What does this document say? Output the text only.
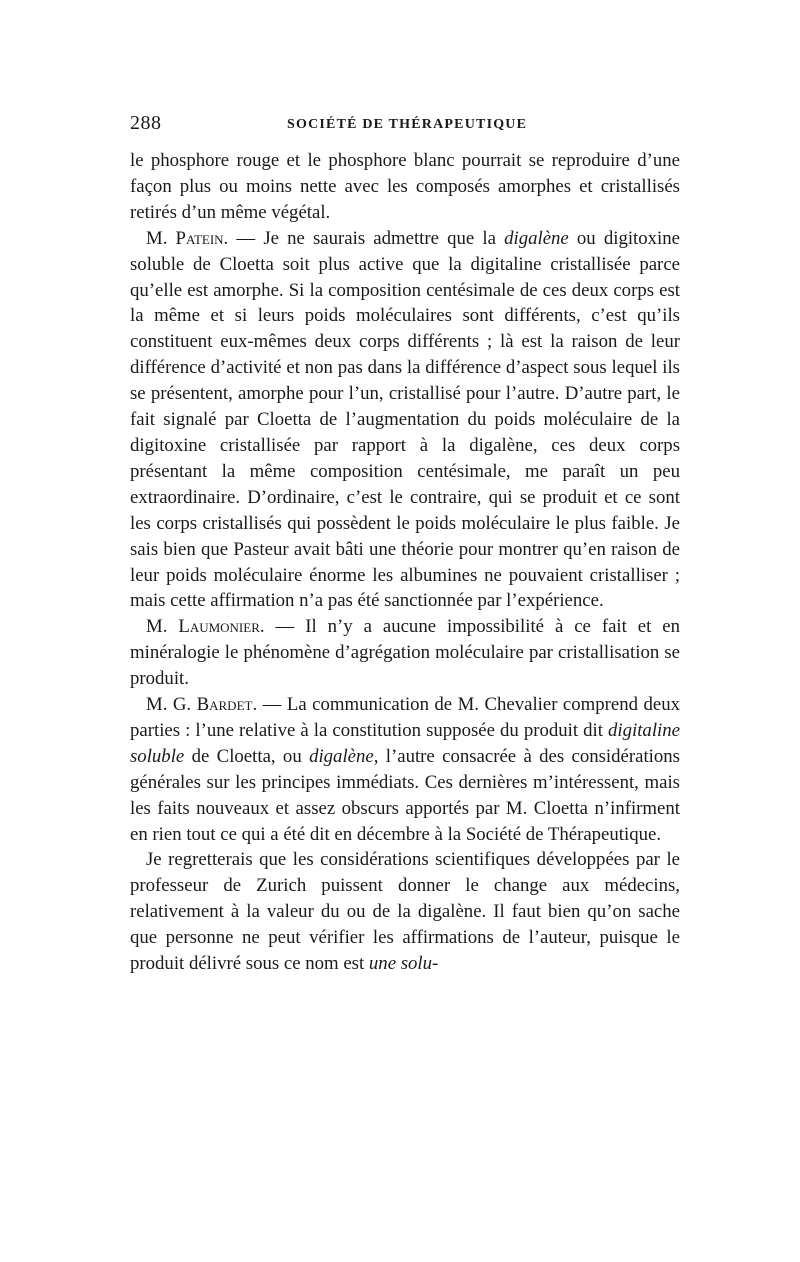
288	SOCIÉTÉ DE THÉRAPEUTIQUE

le phosphore rouge et le phosphore blanc pourrait se reproduire d’une façon plus ou moins nette avec les composés amorphes et cristallisés retirés d’un même végétal.

M. Patein. — Je ne saurais admettre que la digalène ou digitoxine soluble de Cloetta soit plus active que la digitaline cristallisée parce qu’elle est amorphe. Si la composition centésimale de ces deux corps est la même et si leurs poids moléculaires sont différents, c’est qu’ils constituent eux-mêmes deux corps différents ; là est la raison de leur différence d’activité et non pas dans la différence d’aspect sous lequel ils se présentent, amorphe pour l’un, cristallisé pour l’autre. D’autre part, le fait signalé par Cloetta de l’augmentation du poids moléculaire de la digitoxine cristallisée par rapport à la digalène, ces deux corps présentant la même composition centésimale, me paraît un peu extraordinaire. D’ordinaire, c’est le contraire, qui se produit et ce sont les corps cristallisés qui possèdent le poids moléculaire le plus faible. Je sais bien que Pasteur avait bâti une théorie pour montrer qu’en raison de leur poids moléculaire énorme les albumines ne pouvaient cristalliser ; mais cette affirmation n’a pas été sanctionnée par l’expérience.

M. Laumonier. — Il n’y a aucune impossibilité à ce fait et en minéralogie le phénomène d’agrégation moléculaire par cristallisation se produit.

M. G. Bardet. — La communication de M. Chevalier comprend deux parties : l’une relative à la constitution supposée du produit dit digitaline soluble de Cloetta, ou digalène, l’autre consacrée à des considérations générales sur les principes immédiats. Ces dernières m’intéressent, mais les faits nouveaux et assez obscurs apportés par M. Cloetta n’infirment en rien tout ce qui a été dit en décembre à la Société de Thérapeutique.

Je regretterais que les considérations scientifiques développées par le professeur de Zurich puissent donner le change aux médecins, relativement à la valeur du ou de la digalène. Il faut bien qu’on sache que personne ne peut vérifier les affirmations de l’auteur, puisque le produit délivré sous ce nom est une solu-
